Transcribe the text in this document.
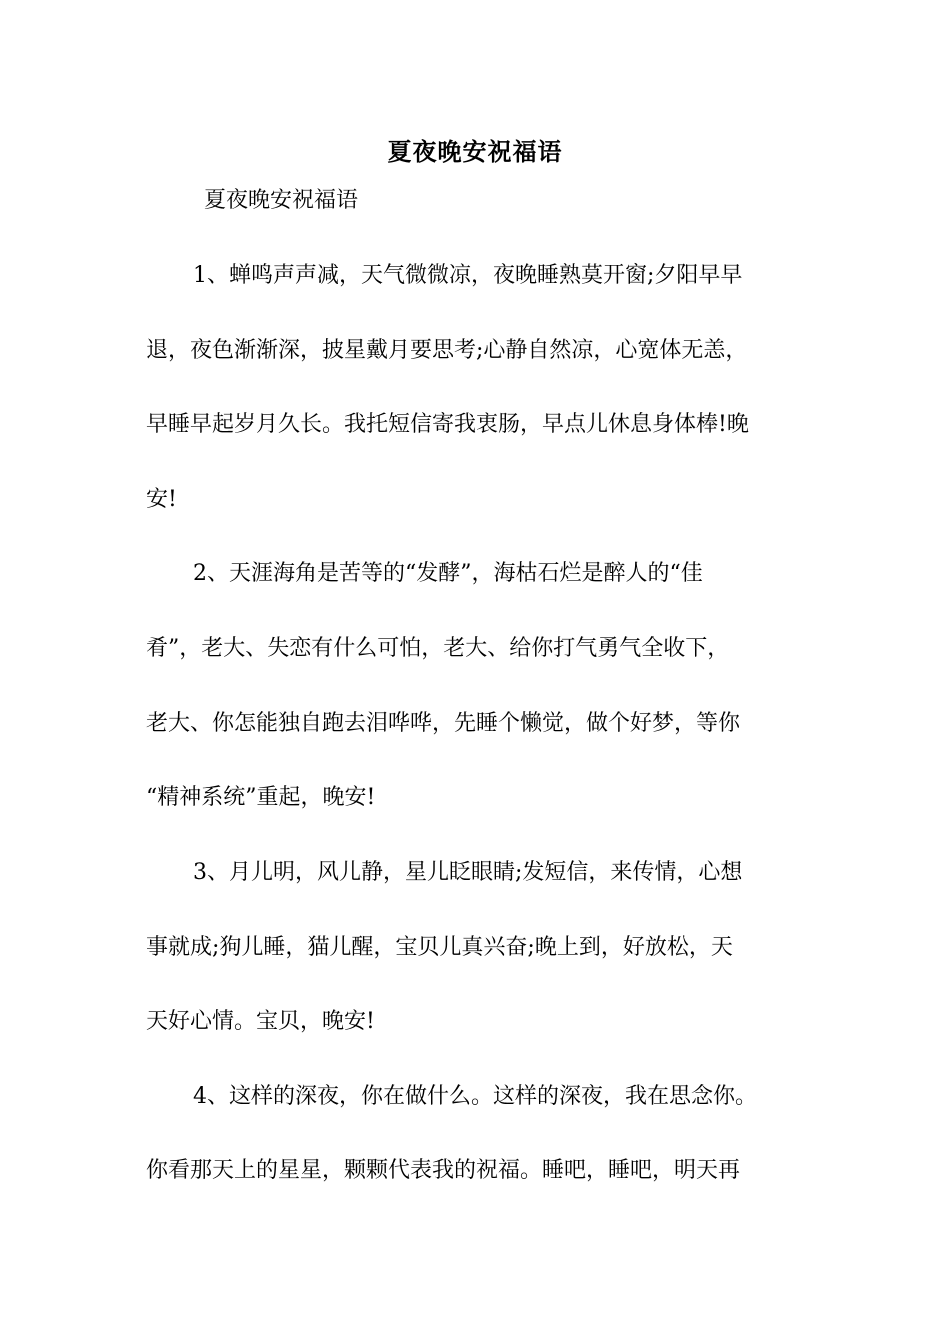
夏夜晚安祝福语
夏夜晚安祝福语
1、蝉鸣声声减，天气微微凉，夜晚睡熟莫开窗;夕阳早早
退，夜色渐渐深，披星戴月要思考;心静自然凉，心宽体无恙，
早睡早起岁月久长。我托短信寄我衷肠，早点儿休息身体棒!晚
安!
2、天涯海角是苦等的“发酵”，海枯石烂是醉人的“佳
肴”，老大、失恋有什么可怕，老大、给你打气勇气全收下，
老大、你怎能独自跑去泪哗哗，先睡个懒觉，做个好梦，等你
“精神系统”重起，晚安!
3、月儿明，风儿静，星儿眨眼睛;发短信，来传情，心想
事就成;狗儿睡，猫儿醒，宝贝儿真兴奋;晚上到，好放松，天
天好心情。宝贝，晚安!
4、这样的深夜，你在做什么。这样的深夜，我在思念你。
你看那天上的星星，颗颗代表我的祝福。睡吧，睡吧，明天再
